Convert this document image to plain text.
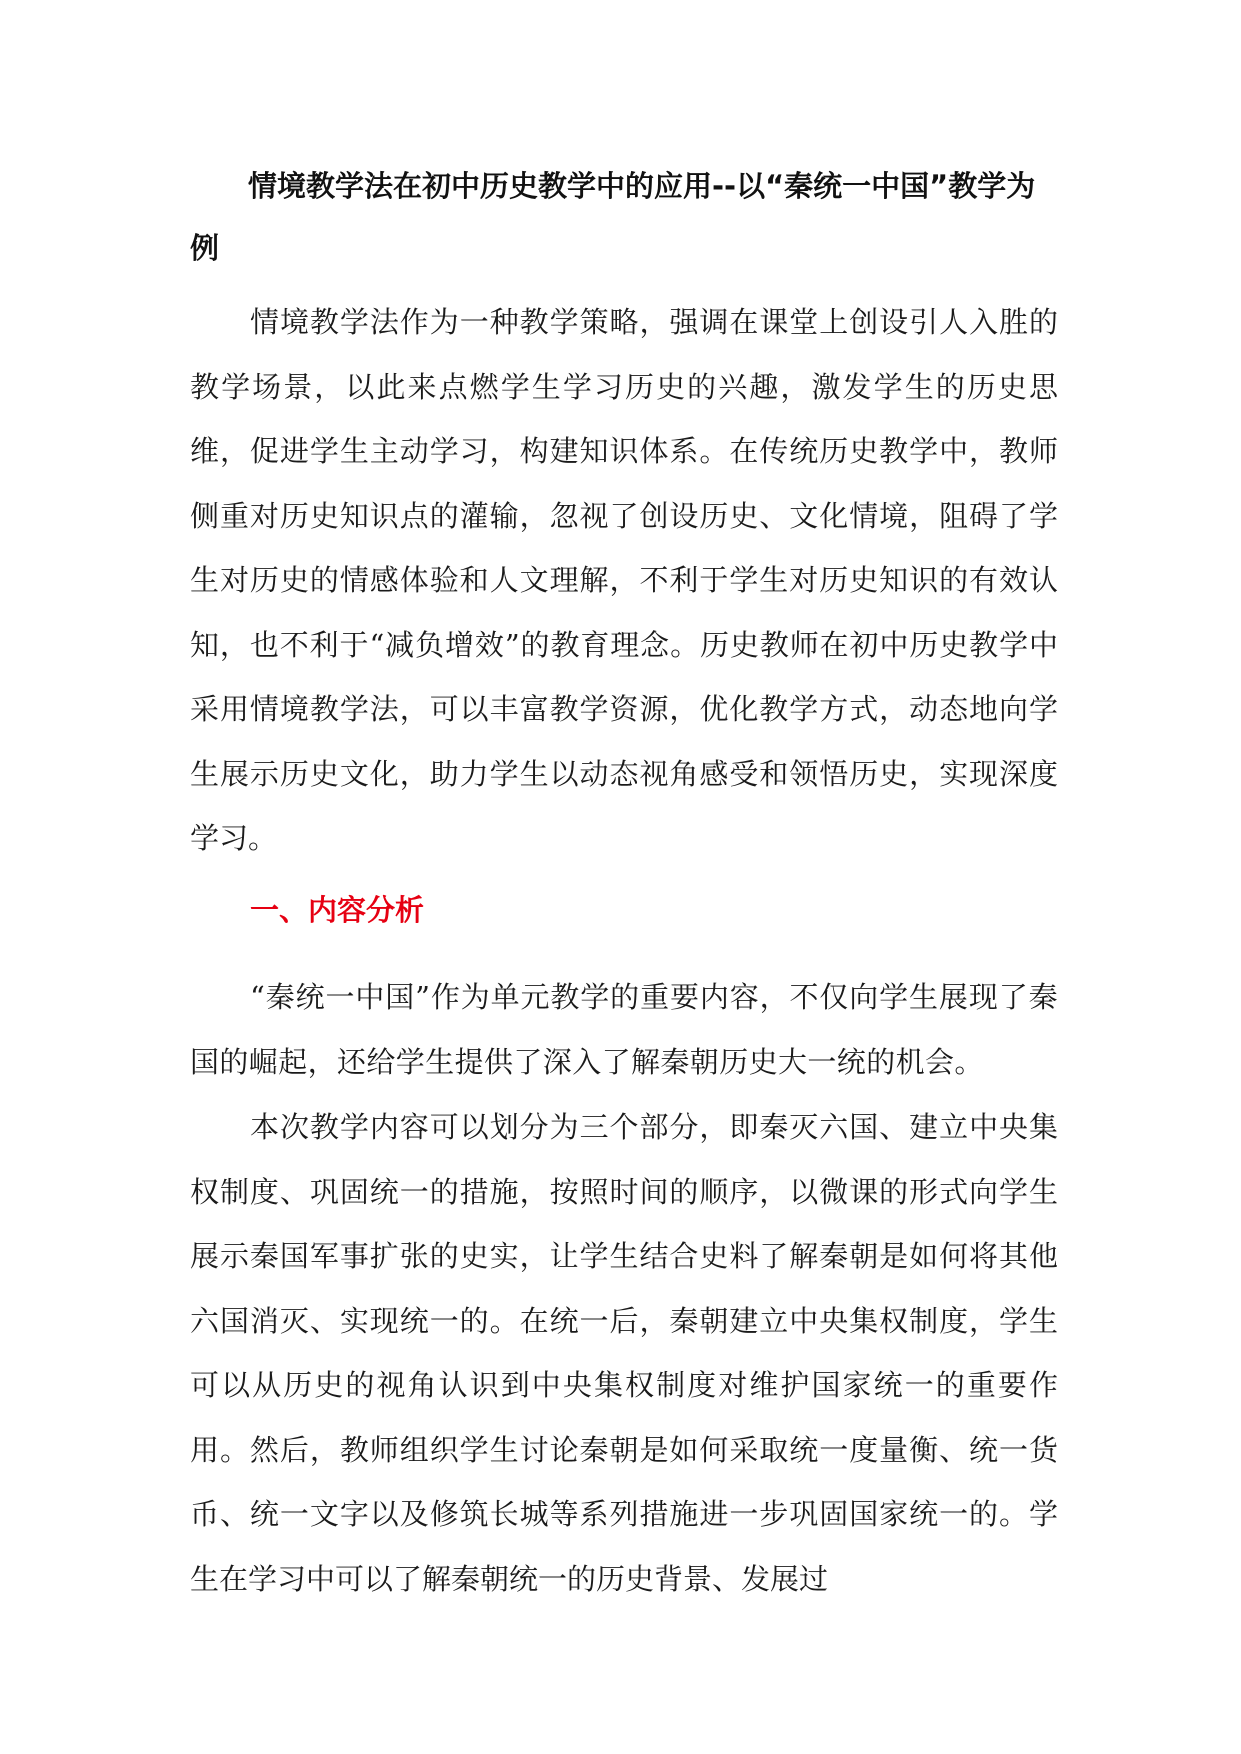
情境教学法在初中历史教学中的应用--以“秦统一中国”教学为例

情境教学法作为一种教学策略，强调在课堂上创设引人入胜的教学场景，以此来点燃学生学习历史的兴趣，激发学生的历史思维，促进学生主动学习，构建知识体系。在传统历史教学中，教师侧重对历史知识点的灌输，忽视了创设历史、文化情境，阻碍了学生对历史的情感体验和人文理解，不利于学生对历史知识的有效认知，也不利于“减负增效”的教育理念。历史教师在初中历史教学中采用情境教学法，可以丰富教学资源，优化教学方式，动态地向学生展示历史文化，助力学生以动态视角感受和领悟历史，实现深度学习。

一、内容分析

“秦统一中国”作为单元教学的重要内容，不仅向学生展现了秦国的崛起，还给学生提供了深入了解秦朝历史大一统的机会。

本次教学内容可以划分为三个部分，即秦灭六国、建立中央集权制度、巩固统一的措施，按照时间的顺序，以微课的形式向学生展示秦国军事扩张的史实，让学生结合史料了解秦朝是如何将其他六国消灭、实现统一的。在统一后，秦朝建立中央集权制度，学生可以从历史的视角认识到中央集权制度对维护国家统一的重要作用。然后，教师组织学生讨论秦朝是如何采取统一度量衡、统一货币、统一文字以及修筑长城等系列措施进一步巩固国家统一的。学生在学习中可以了解秦朝统一的历史背景、发展过
